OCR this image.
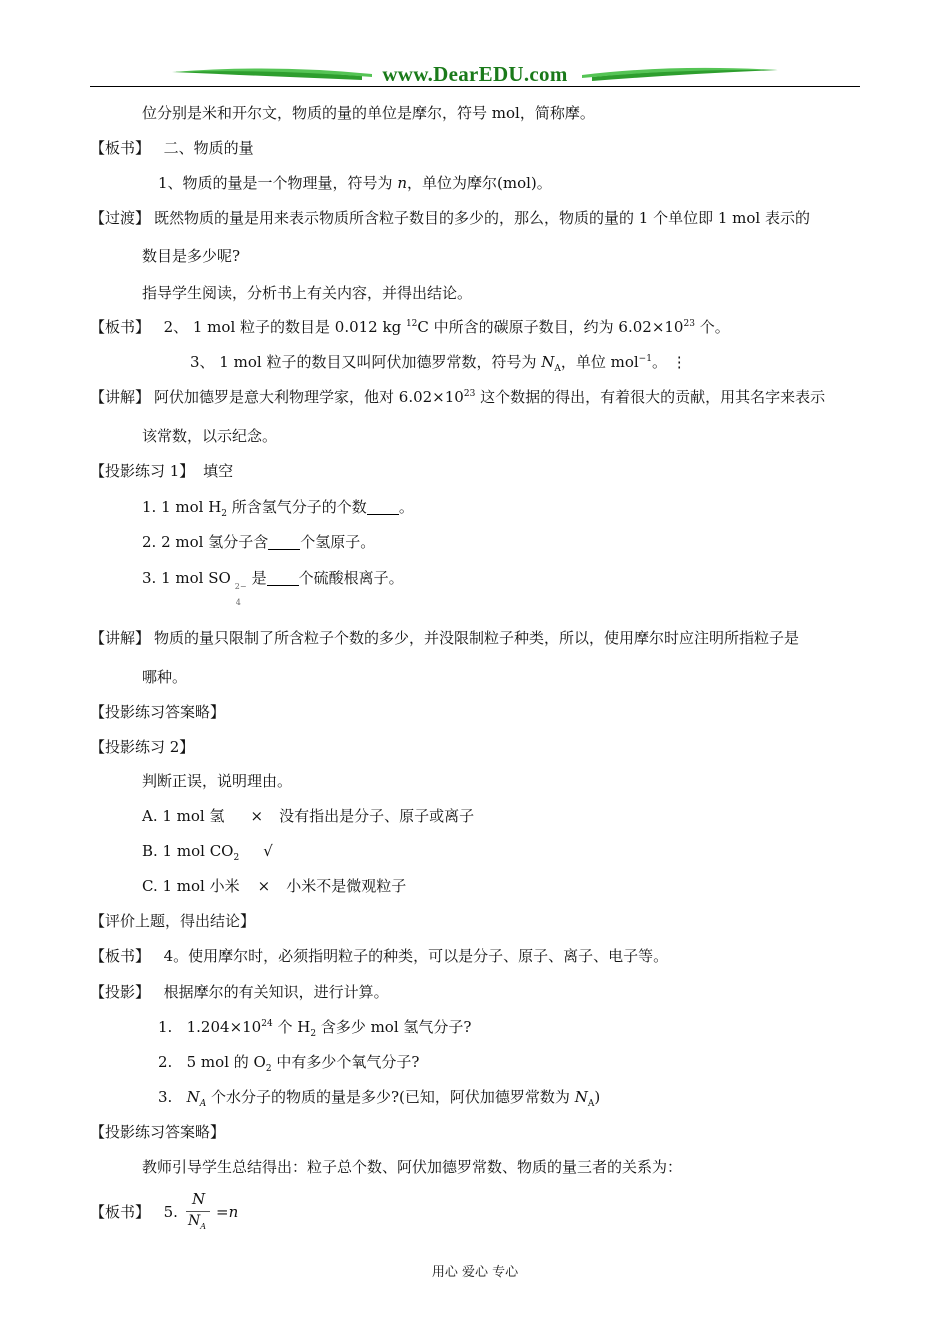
www.DearEDU.com
位分别是米和开尔文，物质的量的单位是摩尔，符号 mol，简称摩。
【板书】 二、物质的量
1、物质的量是一个物理量，符号为 n，单位为摩尔(mol)。
【过渡】 既然物质的量是用来表示物质所含粒子数目的多少的，那么，物质的量的 1 个单位即 1 mol 表示的
数目是多少呢?
指导学生阅读，分析书上有关内容，并得出结论。
【板书】 2、 1 mol 粒子的数目是 0.012 kg $^{12}$C 中所含的碳原子数目，约为 $6.02\times 10^{23}$ 个。
3、 1 mol 粒子的数目又叫阿伏加德罗常数，符号为 $N_A$，单位 mol$^{-1}$。 ⋮
【讲解】 阿伏加德罗是意大利物理学家，他对 $6.02\times 10^{23}$ 这个数据的得出，有着很大的贡献，用其名字来表示
该常数，以示纪念。
【投影练习 1】 填空
1. 1 mol $H_2$ 所含氢气分子的个数 。
2. 2 mol 氢分子含 个氢原子。
3. 1 mol SO 2−
4
是 个硫酸根离子。
【讲解】 物质的量只限制了所含粒子个数的多少，并没限制粒子种类，所以，使用摩尔时应注明所指粒子是
哪种。
【投影练习答案略】
【投影练习 2】
判断正误，说明理由。
A. 1 mol 氢 × 没有指出是分子、原子或离子
B. 1 mol $CO_2$ √
C. 1 mol 小米 × 小米不是微观粒子
【评价上题，得出结论】
【板书】 4。使用摩尔时，必须指明粒子的种类，可以是分子、原子、离子、电子等。
【投影】 根据摩尔的有关知识，进行计算。
1. $1.204\times 10^{24}$ 个 $H_2$ 含多少 mol 氢气分子?
2. 5 mol 的 $O_2$ 中有多少个氧气分子?
3. $N_A$ 个水分子的物质的量是多少?(已知，阿伏加德罗常数为 $N_A$)
【投影练习答案略】
教师引导学生总结得出：粒子总个数、阿伏加德罗常数、物质的量三者的关系为：
【板书】 5.
N
$N_A$
=n
用心 爱心 专心
